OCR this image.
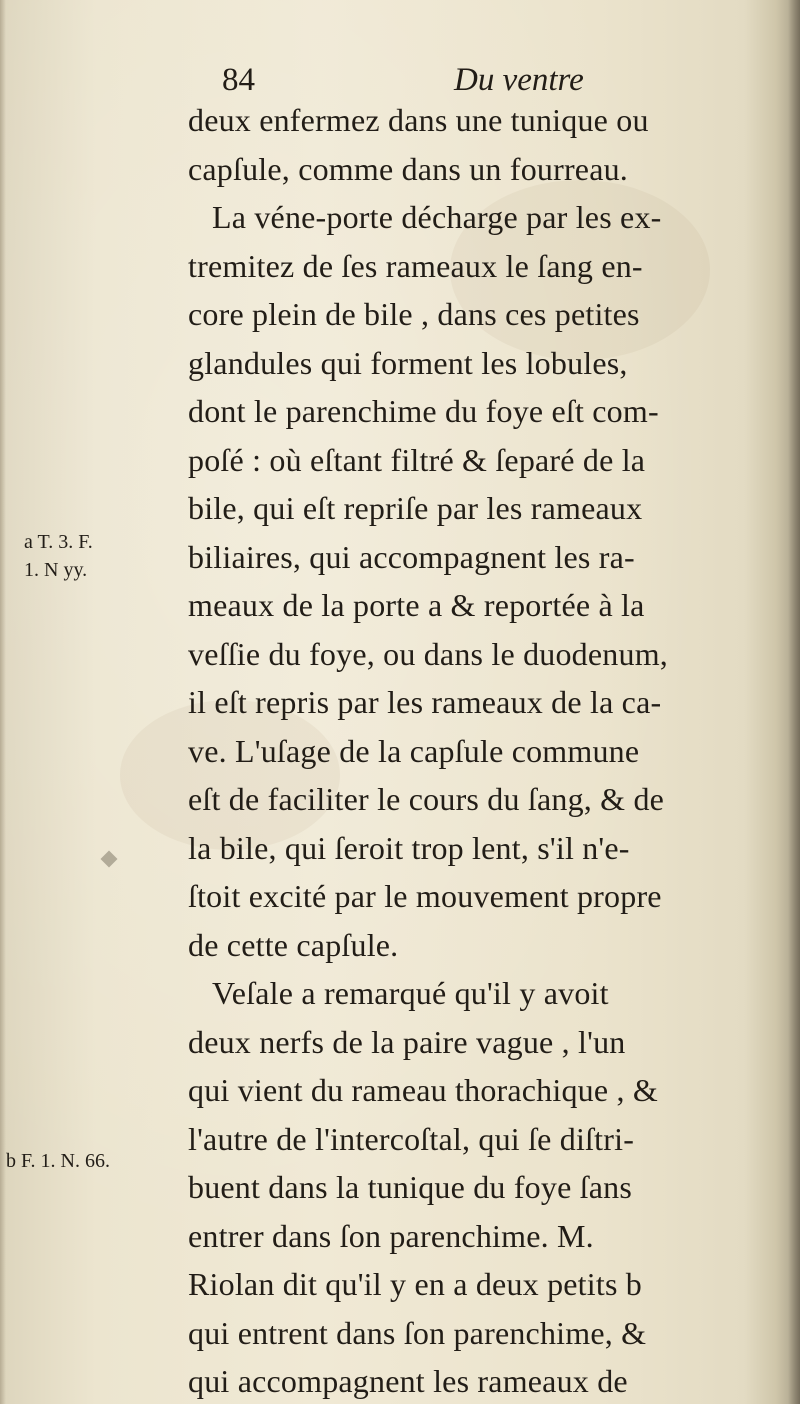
84	Du ventre
deux enfermez dans une tunique ou
capſule, comme dans un fourreau.
La véne-porte décharge par les ex-
tremitez de ſes rameaux le ſang en-
core plein de bile , dans ces petites
glandules qui forment les lobules,
dont le parenchime du foye eſt com-
poſé : où eſtant filtré & ſeparé de la
bile, qui eſt repriſe par les rameaux
biliaires, qui accompagnent les ra-
meaux de la porte a & reportée à la
veſſie du foye, ou dans le duodenum,
il eſt repris par les rameaux de la ca-
ve. L'uſage de la capſule commune
eſt de faciliter le cours du ſang, & de
la bile, qui ſeroit trop lent, s'il n'e-
ſtoit excité par le mouvement propre
de cette capſule.
Veſale a remarqué qu'il y avoit
deux nerfs de la paire vague , l'un
qui vient du rameau thorachique , &
l'autre de l'intercoſtal, qui ſe diſtri-
buent dans la tunique du foye ſans
entrer dans ſon parenchime. M.
Riolan dit qu'il y en a deux petits b
qui entrent dans ſon parenchime, &
qui accompagnent les rameaux de
a T. 3. F.
1. N yy.
b F. 1. N. 66.
